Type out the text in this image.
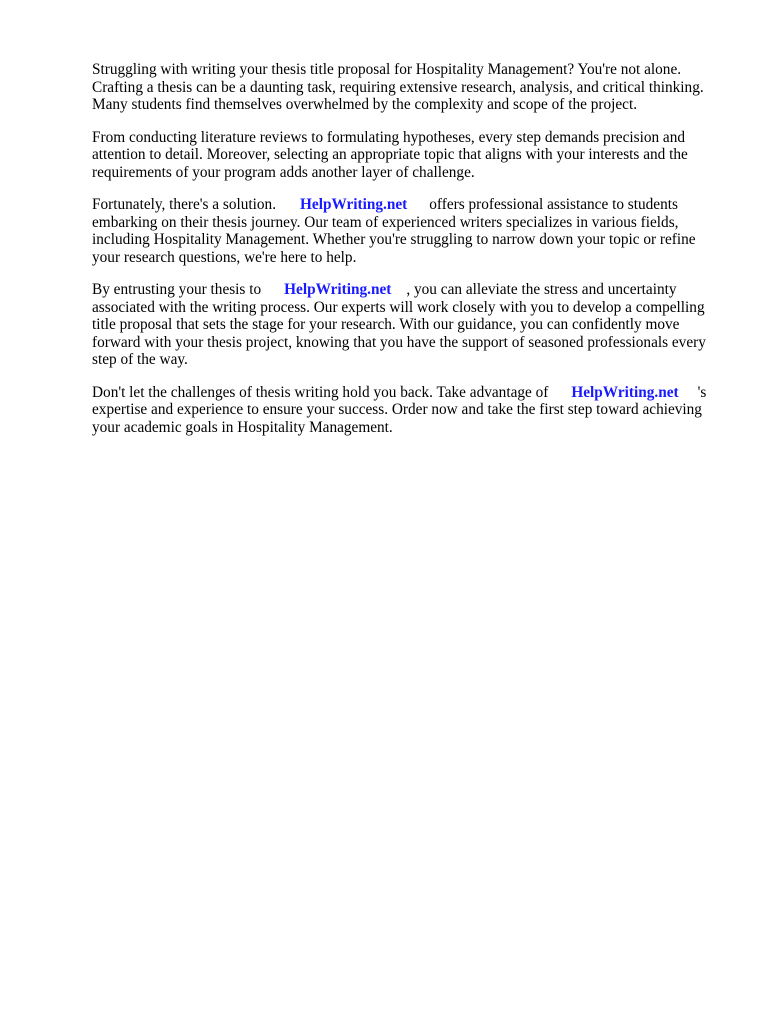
Struggling with writing your thesis title proposal for Hospitality Management? You're not alone.
Crafting a thesis can be a daunting task, requiring extensive research, analysis, and critical thinking.
Many students find themselves overwhelmed by the complexity and scope of the project.

From conducting literature reviews to formulating hypotheses, every step demands precision and
attention to detail. Moreover, selecting an appropriate topic that aligns with your interests and the
requirements of your program adds another layer of challenge.

Fortunately, there's a solution. HelpWriting.net offers professional assistance to students
embarking on their thesis journey. Our team of experienced writers specializes in various fields,
including Hospitality Management. Whether you're struggling to narrow down your topic or refine
your research questions, we're here to help.

By entrusting your thesis to HelpWriting.net , you can alleviate the stress and uncertainty
associated with the writing process. Our experts will work closely with you to develop a compelling
title proposal that sets the stage for your research. With our guidance, you can confidently move
forward with your thesis project, knowing that you have the support of seasoned professionals every
step of the way.

Don't let the challenges of thesis writing hold you back. Take advantage of HelpWriting.net 's
expertise and experience to ensure your success. Order now and take the first step toward achieving
your academic goals in Hospitality Management.
